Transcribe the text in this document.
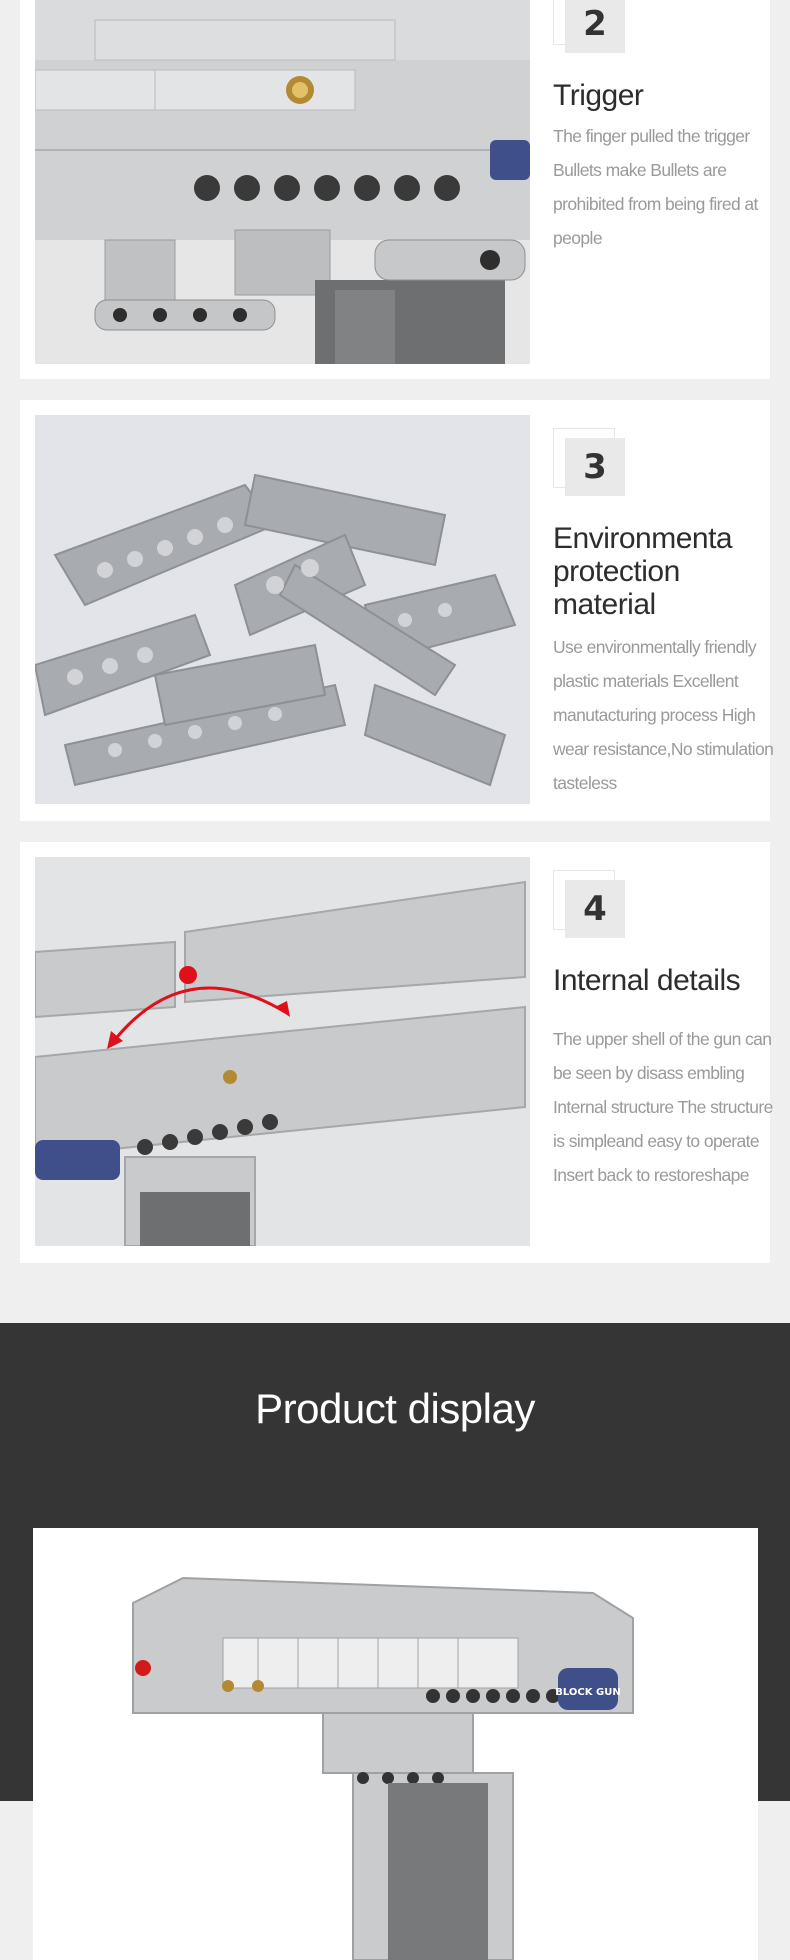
2
Trigger
The finger pulled the trigger Bullets make Bullets are prohibited from being fired at people
3
Environmenta protection material
Use environmentally friendly plastic materials Excellent manutacturing process High wear resistance,No stimulation tasteless
4
Internal details
The upper shell of the gun can be seen by disass embling Internal structure The structure is simpleand easy to operate Insert back to restoreshape
Product display
BLOCK GUN
